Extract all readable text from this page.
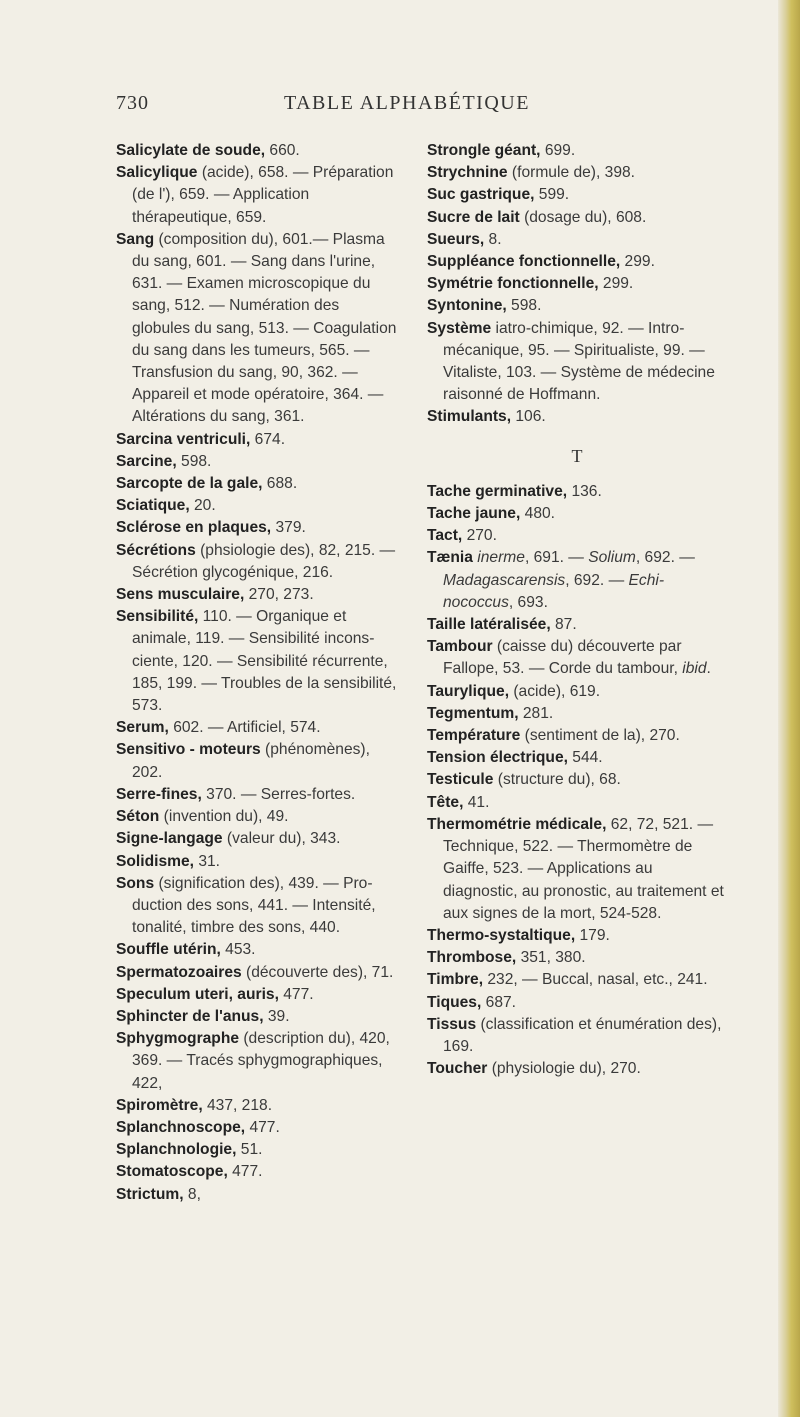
730	TABLE ALPHABÉTIQUE
Salicylate de soude, 660.
Salicylique (acide), 658. — Préparation (de l'), 659. — Application thérapeutique, 659.
Sang (composition du), 601.— Plasma du sang, 601. — Sang dans l'urine, 631. — Examen microscopique du sang, 512. — Numération des globules du sang, 513. — Coagulation du sang dans les tumeurs, 565. — Transfusion du sang, 90, 362. — Appareil et mode opératoire, 364. — Altérations du sang, 361.
Sarcina ventriculi, 674.
Sarcine, 598.
Sarcopte de la gale, 688.
Sciatique, 20.
Sclérose en plaques, 379.
Sécrétions (phsiologie des), 82, 215. — Sécrétion glycogénique, 216.
Sens musculaire, 270, 273.
Sensibilité, 110. — Organique et animale, 119. — Sensibilité inconsciente, 120. — Sensibilité récurrente, 185, 199. — Troubles de la sensibilité, 573.
Serum, 602. — Artificiel, 574.
Sensitivo - moteurs (phénomènes), 202.
Serre-fines, 370. — Serres-fortes.
Séton (invention du), 49.
Signe-langage (valeur du), 343.
Solidisme, 31.
Sons (signification des), 439. — Production des sons, 441. — Intensité, tonalité, timbre des sons, 440.
Souffle utérin, 453.
Spermatozoaires (découverte des), 71.
Speculum uteri, auris, 477.
Sphincter de l'anus, 39.
Sphygmographe (description du), 420, 369. — Tracés sphygmographiques, 422,
Spiromètre, 437, 218.
Splanchnoscope, 477.
Splanchnologie, 51.
Stomatoscope, 477.
Strictum, 8,
Strongle géant, 699.
Strychnine (formule de), 398.
Suc gastrique, 599.
Sucre de lait (dosage du), 608.
Sueurs, 8.
Suppléance fonctionnelle, 299.
Symétrie fonctionnelle, 299.
Syntonine, 598.
Système iatro-chimique, 92. — Intromécanique, 95. — Spiritualiste, 99. — Vitaliste, 103. — Système de médecine raisonné de Hoffmann.
Stimulants, 106.
T
Tache germinative, 136.
Tache jaune, 480.
Tact, 270.
Tænia inerme, 691. — Solium, 692. — Madagascarensis, 692. — Echinococcus, 693.
Taille latéralisée, 87.
Tambour (caisse du) découverte par Fallope, 53. — Corde du tambour, ibid.
Taurylique, (acide), 619.
Tegmentum, 281.
Température (sentiment de la), 270.
Tension électrique, 544.
Testicule (structure du), 68.
Tête, 41.
Thermométrie médicale, 62, 72, 521. — Technique, 522. — Thermomètre de Gaiffe, 523. — Applications au diagnostic, au pronostic, au traitement et aux signes de la mort, 524-528.
Thermo-systaltique, 179.
Thrombose, 351, 380.
Timbre, 232, — Buccal, nasal, etc., 241.
Tiques, 687.
Tissus (classification et énumération des), 169.
Toucher (physiologie du), 270.
